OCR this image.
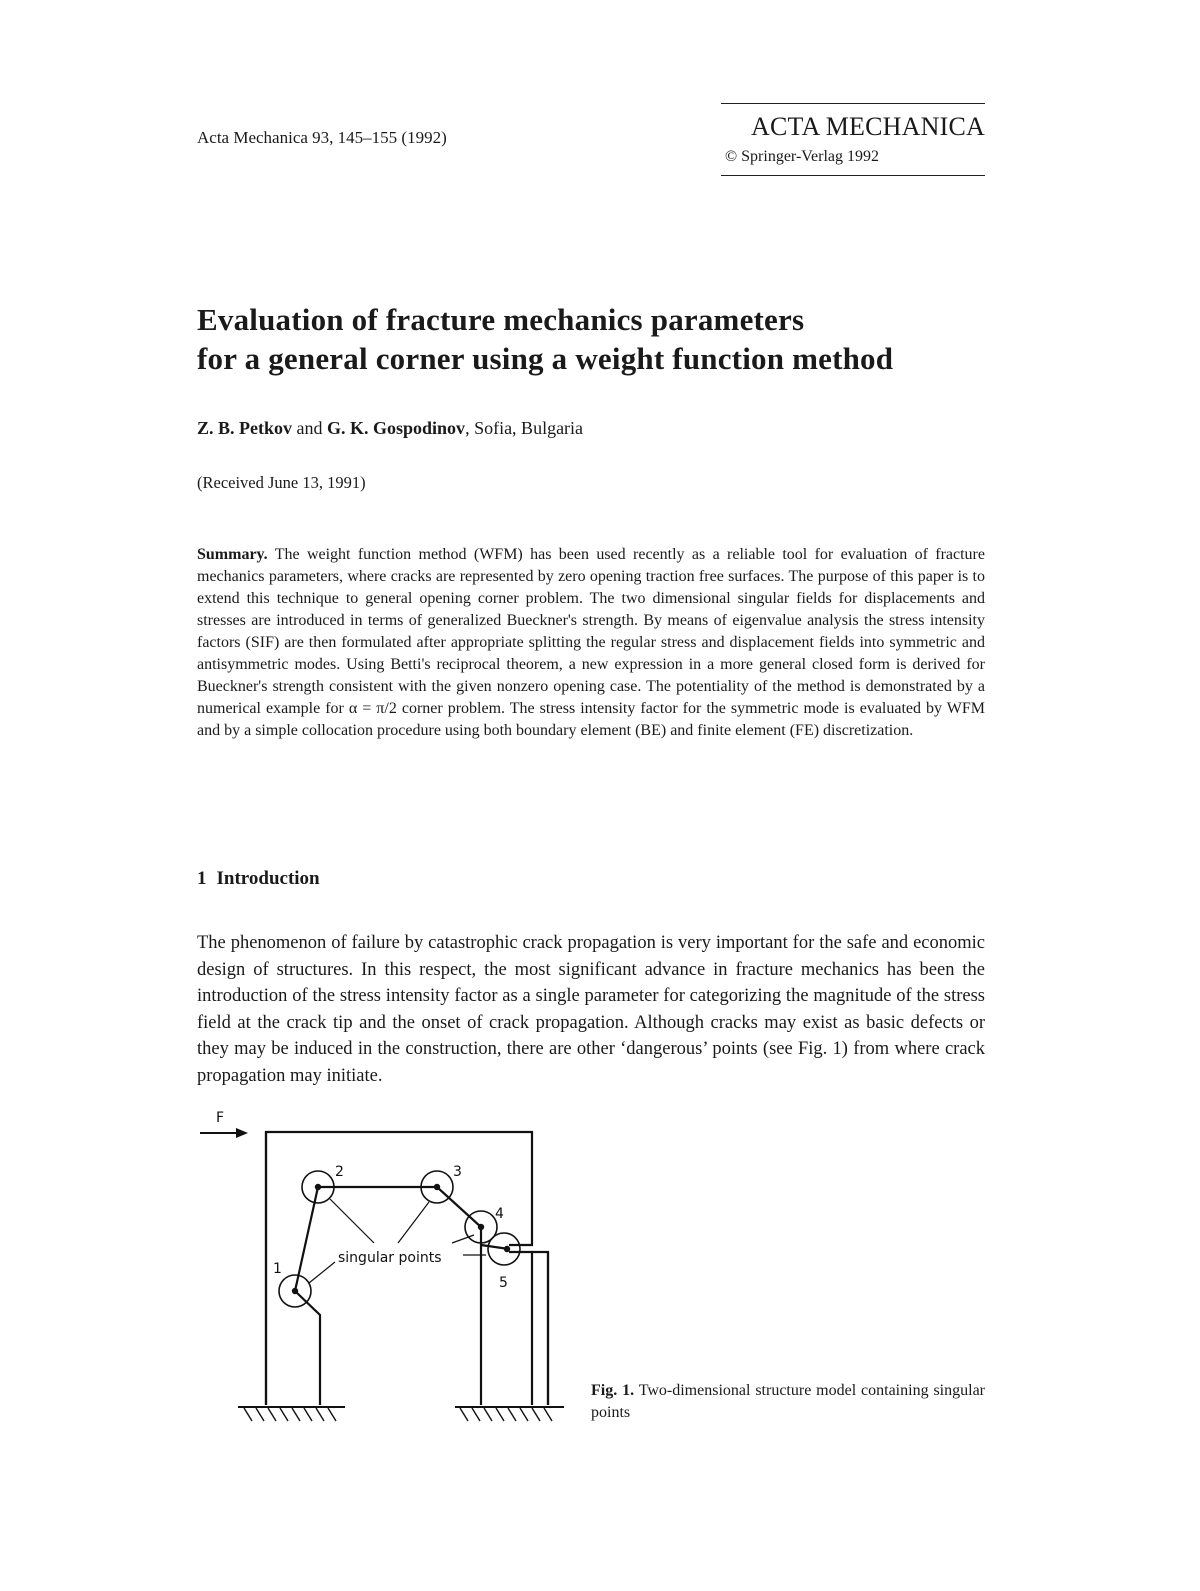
Acta Mechanica 93, 145–155 (1992)	ACTA MECHANICA
© Springer-Verlag 1992
Evaluation of fracture mechanics parameters
for a general corner using a weight function method
Z. B. Petkov and G. K. Gospodinov, Sofia, Bulgaria
(Received June 13, 1991)
Summary. The weight function method (WFM) has been used recently as a reliable tool for evaluation of fracture mechanics parameters, where cracks are represented by zero opening traction free surfaces. The purpose of this paper is to extend this technique to general opening corner problem. The two dimensional singular fields for displacements and stresses are introduced in terms of generalized Bueckner's strength. By means of eigenvalue analysis the stress intensity factors (SIF) are then formulated after appropriate splitting the regular stress and displacement fields into symmetric and antisymmetric modes. Using Betti's reciprocal theorem, a new expression in a more general closed form is derived for Bueckner's strength consistent with the given nonzero opening case. The potentiality of the method is demonstrated by a numerical example for α = π/2 corner problem. The stress intensity factor for the symmetric mode is evaluated by WFM and by a simple collocation procedure using both boundary element (BE) and finite element (FE) discretization.
1 Introduction
The phenomenon of failure by catastrophic crack propagation is very important for the safe and economic design of structures. In this respect, the most significant advance in fracture mechanics has been the introduction of the stress intensity factor as a single parameter for categorizing the magnitude of the stress field at the crack tip and the onset of crack propagation. Although cracks may exist as basic defects or they may be induced in the construction, there are other ‘dangerous’ points (see Fig. 1) from where crack propagation may initiate.
F
1
2	3
4
5
singular points
Fig. 1. Two-dimensional structure model containing singular points
